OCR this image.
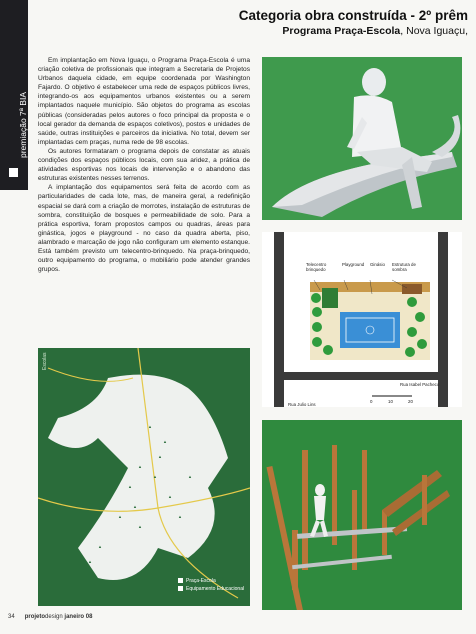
premiação 7ª BIA
Categoria obra construída - 2º prêm
Programa Praça-Escola, Nova Iguaçu,

Em implantação em Nova Iguaçu, o Programa Praça-Escola é uma criação coletiva de profissionais que integram a Secretaria de Projetos Urbanos daquela cidade, em equipe coordenada por Washington Fajardo. O objetivo é estabelecer uma rede de espaços públicos livres, integrando-os aos equipamentos urbanos existentes ou a serem implantados naquele município. São objetos do programa as escolas públicas (consideradas pelos autores o foco principal da proposta e o local gerador da demanda de espaços coletivos), postos e unidades de saúde, outras instituições e parceiros da iniciativa. No total, devem ser implantadas cem praças, numa rede de 98 escolas.

Os autores formataram o programa depois de constatar as atuais condições dos espaços públicos locais, com sua aridez, a prática de atividades esportivas nos locais de intervenção e o abandono das estruturas existentes nesses terrenos.

A implantação dos equipamentos será feita de acordo com as particularidades de cada lote, mas, de maneira geral, a redefinição espacial se dará com a criação de morrotes, instalação de estruturas de sombra, constituição de bosques e permeabilidade de solo. Para a prática esportiva, foram propostos campos ou quadras, áreas para ginástica, jogos e playground - no caso da quadra aberta, piso, alambrado e marcação de jogo não configuram um elemento estanque. Está também previsto um telecentro-brinquedo. Na praça-brinquedo, outro equipamento do programa, o mobiliário pode atender grandes grupos.

Telecentro brinquedo
Playground	Ginásio	Estrutura de sombra
Rua Julio Lins
Rua Isabel Pacheco
0	10	20
▲
▲
▲
▲
▲
▲
▲
▲
▲
▲
▲
▲
▲
▲
▲
Escolas
Praça-Escola
Equipamento Educacional
34 projetodesign janeiro 08
